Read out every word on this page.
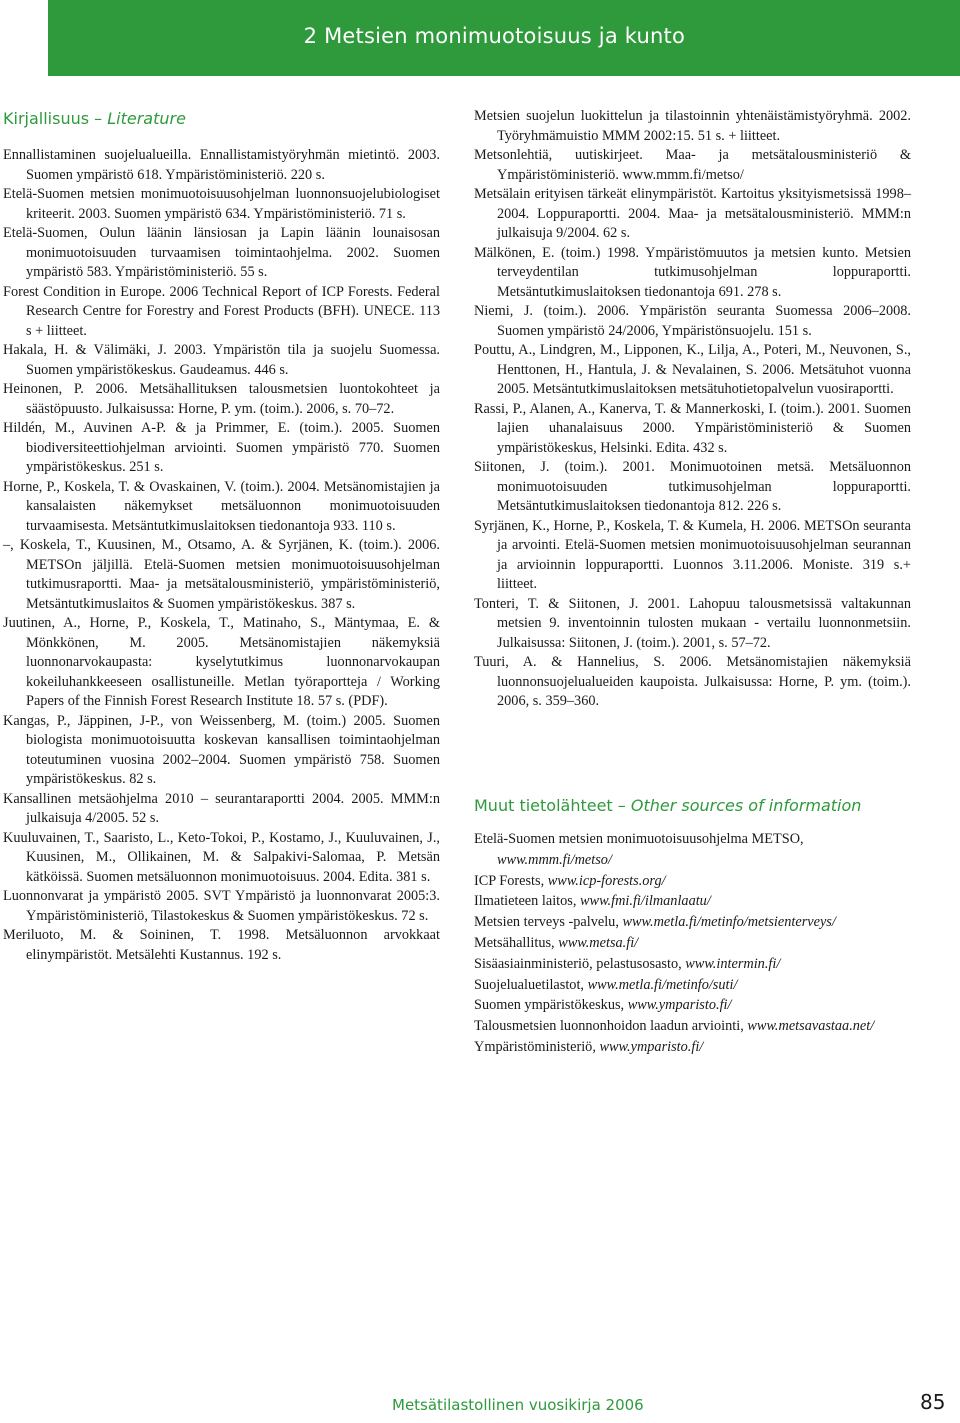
2 Metsien monimuotoisuus ja kunto
Kirjallisuus – Literature
Ennallistaminen suojelualueilla. Ennallistamistyöryhmän mietintö. 2003. Suomen ympäristö 618. Ympäristöministeriö. 220 s.
Etelä-Suomen metsien monimuotoisuusohjelman luonnonsuojelubiologiset kriteerit. 2003. Suomen ympäristö 634. Ympäristöministeriö. 71 s.
Etelä-Suomen, Oulun läänin länsiosan ja Lapin läänin lounaisosan monimuotoisuuden turvaamisen toimintaohjelma. 2002. Suomen ympäristö 583. Ympäristöministeriö. 55 s.
Forest Condition in Europe. 2006 Technical Report of ICP Forests. Federal Research Centre for Forestry and Forest Products (BFH). UNECE. 113 s + liitteet.
Hakala, H. & Välimäki, J. 2003. Ympäristön tila ja suojelu Suomessa. Suomen ympäristökeskus. Gaudeamus. 446 s.
Heinonen, P. 2006. Metsähallituksen talousmetsien luontokohteet ja säästöpuusto. Julkaisussa: Horne, P. ym. (toim.). 2006, s. 70–72.
Hildén, M., Auvinen A-P. & ja Primmer, E. (toim.). 2005. Suomen biodiversiteettiohjelman arviointi. Suomen ympäristö 770. Suomen ympäristökeskus. 251 s.
Horne, P., Koskela, T. & Ovaskainen, V. (toim.). 2004. Metsänomistajien ja kansalaisten näkemykset metsäluonnon monimuotoisuuden turvaamisesta. Metsäntutkimuslaitoksen tiedonantoja 933. 110 s.
–, Koskela, T., Kuusinen, M., Otsamo, A. & Syrjänen, K. (toim.). 2006. METSOn jäljillä. Etelä-Suomen metsien monimuotoisuusohjelman tutkimusraportti. Maa- ja metsätalousministeriö, ympäristöministeriö, Metsäntutkimuslaitos & Suomen ympäristökeskus. 387 s.
Juutinen, A., Horne, P., Koskela, T., Matinaho, S., Mäntymaa, E. & Mönkkönen, M. 2005. Metsänomistajien näkemyksiä luonnonarvokaupasta: kyselytutkimus luonnonarvokaupan kokeiluhankkeeseen osallistuneille. Metlan työraportteja / Working Papers of the Finnish Forest Research Institute 18. 57 s. (PDF).
Kangas, P., Jäppinen, J-P., von Weissenberg, M. (toim.) 2005. Suomen biologista monimuotoisuutta koskevan kansallisen toimintaohjelman toteutuminen vuosina 2002–2004. Suomen ympäristö 758. Suomen ympäristökeskus. 82 s.
Kansallinen metsäohjelma 2010 – seurantaraportti 2004. 2005. MMM:n julkaisuja 4/2005. 52 s.
Kuuluvainen, T., Saaristo, L., Keto-Tokoi, P., Kostamo, J., Kuuluvainen, J., Kuusinen, M., Ollikainen, M. & Salpakivi-Salomaa, P. Metsän kätköissä. Suomen metsäluonnon monimuotoisuus. 2004. Edita. 381 s.
Luonnonvarat ja ympäristö 2005. SVT Ympäristö ja luonnonvarat 2005:3. Ympäristöministeriö, Tilastokeskus & Suomen ympäristökeskus. 72 s.
Meriluoto, M. & Soininen, T. 1998. Metsäluonnon arvokkaat elinympäristöt. Metsälehti Kustannus. 192 s.
Metsien suojelun luokittelun ja tilastoinnin yhtenäistämistyöryhmä. 2002. Työryhmämuistio MMM 2002:15. 51 s. + liitteet.
Metsonlehtiä, uutiskirjeet. Maa- ja metsätalousministeriö & Ympäristöministeriö. www.mmm.fi/metso/
Metsälain erityisen tärkeät elinympäristöt. Kartoitus yksityismetsissä 1998–2004. Loppuraportti. 2004. Maa- ja metsätalousministeriö. MMM:n julkaisuja 9/2004. 62 s.
Mälkönen, E. (toim.) 1998. Ympäristömuutos ja metsien kunto. Metsien terveydentilan tutkimusohjelman loppuraportti. Metsäntutkimuslaitoksen tiedonantoja 691. 278 s.
Niemi, J. (toim.). 2006. Ympäristön seuranta Suomessa 2006–2008. Suomen ympäristö 24/2006, Ympäristönsuojelu. 151 s.
Pouttu, A., Lindgren, M., Lipponen, K., Lilja, A., Poteri, M., Neuvonen, S., Henttonen, H., Hantula, J. & Nevalainen, S. 2006. Metsätuhot vuonna 2005. Metsäntutkimuslaitoksen metsätuhotietopalvelun vuosiraportti.
Rassi, P., Alanen, A., Kanerva, T. & Mannerkoski, I. (toim.). 2001. Suomen lajien uhanalaisuus 2000. Ympäristöministeriö & Suomen ympäristökeskus, Helsinki. Edita. 432 s.
Siitonen, J. (toim.). 2001. Monimuotoinen metsä. Metsäluonnon monimuotoisuuden tutkimusohjelman loppuraportti. Metsäntutkimuslaitoksen tiedonantoja 812. 226 s.
Syrjänen, K., Horne, P., Koskela, T. & Kumela, H. 2006. METSOn seuranta ja arvointi. Etelä-Suomen metsien monimuotoisuusohjelman seurannan ja arvioinnin loppuraportti. Luonnos 3.11.2006. Moniste. 319 s.+ liitteet.
Tonteri, T. & Siitonen, J. 2001. Lahopuu talousmetsissä valtakunnan metsien 9. inventoinnin tulosten mukaan - vertailu luonnonmetsiin. Julkaisussa: Siitonen, J. (toim.). 2001, s. 57–72.
Tuuri, A. & Hannelius, S. 2006. Metsänomistajien näkemyksiä luonnonsuojelualueiden kaupoista. Julkaisussa: Horne, P. ym. (toim.). 2006, s. 359–360.
Muut tietolähteet – Other sources of information
Etelä-Suomen metsien monimuotoisuusohjelma METSO, www.mmm.fi/metso/
ICP Forests, www.icp-forests.org/
Ilmatieteen laitos, www.fmi.fi/ilmanlaatu/
Metsien terveys -palvelu, www.metla.fi/metinfo/metsienterveys/
Metsähallitus, www.metsa.fi/
Sisäasiainministeriö, pelastusosasto, www.intermin.fi/
Suojelualuetilastot, www.metla.fi/metinfo/suti/
Suomen ympäristökeskus, www.ymparisto.fi/
Talousmetsien luonnonhoidon laadun arviointi, www.metsavastaa.net/
Ympäristöministeriö, www.ymparisto.fi/
Metsätilastollinen vuosikirja 2006	85
